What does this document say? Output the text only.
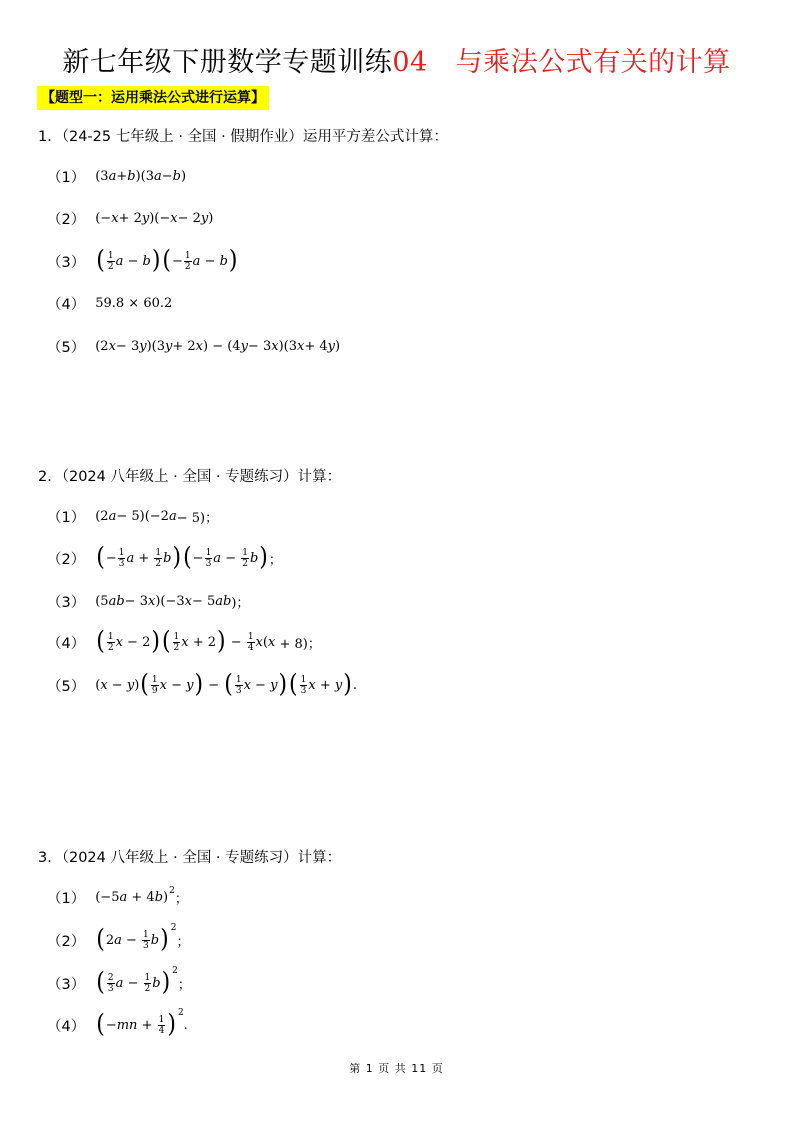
新七年级下册数学专题训练04 与乘法公式有关的计算
【题型一：运用乘法公式进行运算】
1．（24-25 七年级上 · 全国 · 假期作业）运用平方差公式计算：
（1） (3 a + b )(3 a − b )
（2） (− x + 2 y )(− x − 2 y )
（3） ( 1
2 a − b ) ( − 1
2 a − b )
（4） 59.8 × 60.2
（5） (2 x − 3 y )(3 y + 2 x ) − (4 y − 3 x )(3 x + 4 y )
2．（2024 八年级上 · 全国 · 专题练习）计算：
（1） (2 a − 5)(−2 a − 5)；
（2） ( − 1
3 a + 1
2 b ) ( − 1
3 a − 1
2 b ) ；
（3） (5 a b − 3 x )(−3 x − 5 a b )；
（4） ( 1
2 x − 2 ) ( 1
2 x + 2 ) − 1
4 x ( x + 8)；
（5） ( x − y ) ( 1
9 x − y ) − ( 1
3 x − y ) ( 1
3 x + y ) .
3．（2024 八年级上 · 全国 · 专题练习）计算：
（1） (−5 a + 4 b ) 2
；
（2） ( 2 a − 1
3 b ) 2
；
（3） ( 2
3 a − 1
2 b ) 2
；
（4） ( − mn + 1
4 ) 2
.
第 1 页 共 11 页
